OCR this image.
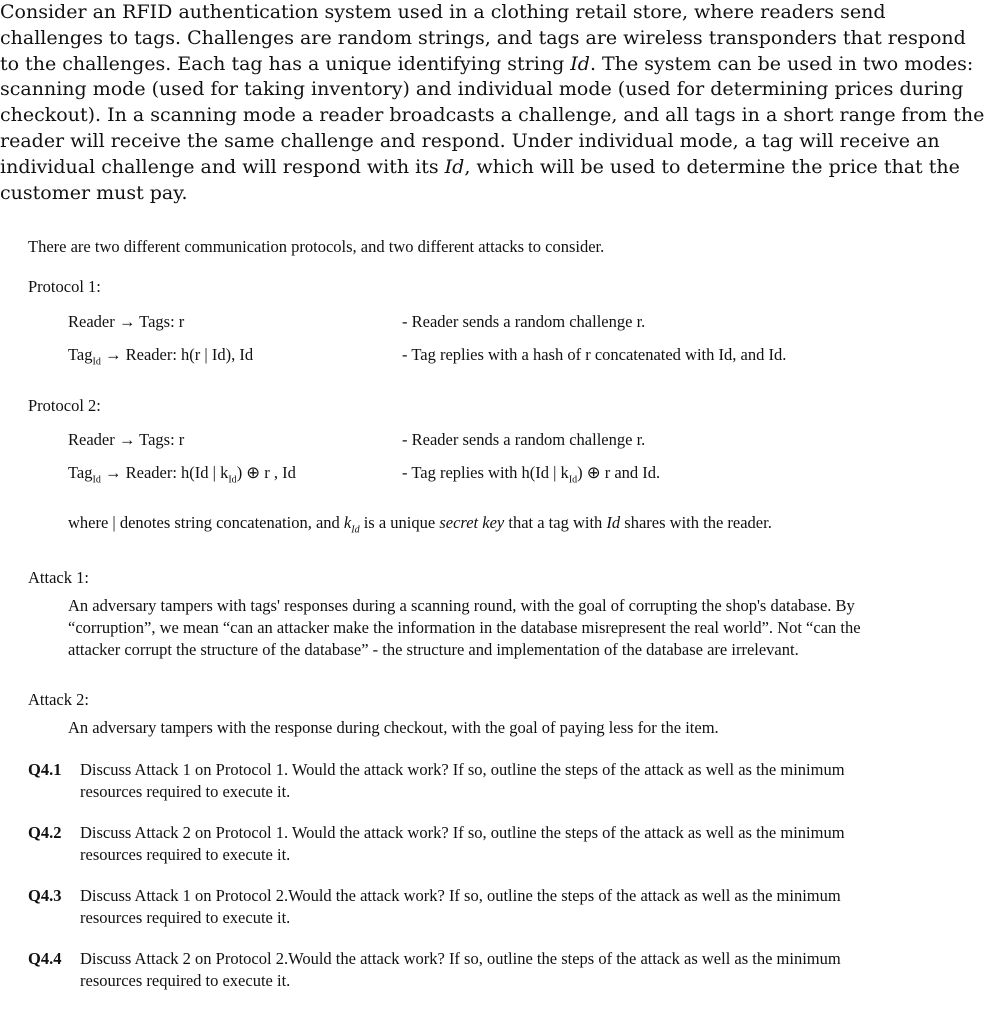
Consider an RFID authentication system used in a clothing retail store, where readers send challenges to tags. Challenges are random strings, and tags are wireless transponders that respond to the challenges. Each tag has a unique identifying string Id. The system can be used in two modes: scanning mode (used for taking inventory) and individual mode (used for determining prices during checkout). In a scanning mode a reader broadcasts a challenge, and all tags in a short range from the reader will receive the same challenge and respond. Under individual mode, a tag will receive an individual challenge and will respond with its Id, which will be used to determine the price that the customer must pay.

There are two different communication protocols, and two different attacks to consider.

Protocol 1:

Reader → Tags: r	- Reader sends a random challenge r.
Tag$_{Id}$ → Reader: h(r | Id), Id	- Tag replies with a hash of r concatenated with Id, and Id.

Protocol 2:

Reader → Tags: r	- Reader sends a random challenge r.
Tag$_{Id}$ → Reader: h(Id | $k_{Id}$) ⊕ r , Id	- Tag replies with h(Id | $k_{Id}$) ⊕ r and Id.

where | denotes string concatenation, and $k_{Id}$ is a unique secret key that a tag with Id shares with the reader.

Attack 1:

An adversary tampers with tags' responses during a scanning round, with the goal of corrupting the shop's database. By “corruption”, we mean “can an attacker make the information in the database misrepresent the real world”. Not “can the attacker corrupt the structure of the database” - the structure and implementation of the database are irrelevant.

Attack 2:

An adversary tampers with the response during checkout, with the goal of paying less for the item.

Q4.1	Discuss Attack 1 on Protocol 1. Would the attack work? If so, outline the steps of the attack as well as the minimum resources required to execute it.
Q4.2	Discuss Attack 2 on Protocol 1. Would the attack work? If so, outline the steps of the attack as well as the minimum resources required to execute it.
Q4.3	Discuss Attack 1 on Protocol 2.Would the attack work? If so, outline the steps of the attack as well as the minimum resources required to execute it.
Q4.4	Discuss Attack 2 on Protocol 2.Would the attack work? If so, outline the steps of the attack as well as the minimum resources required to execute it.
